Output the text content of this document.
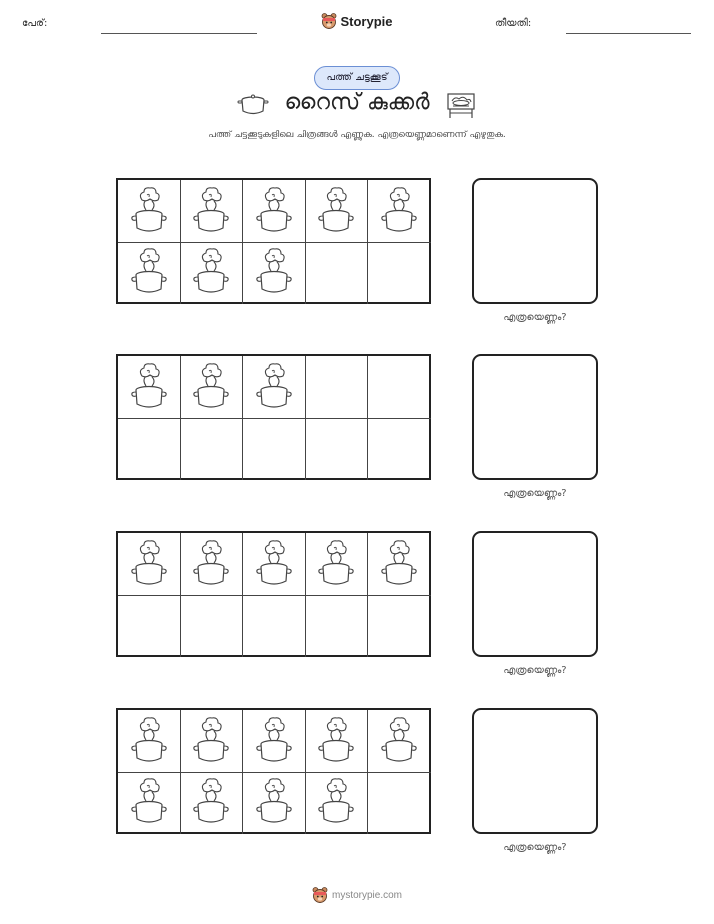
പേര്:	Storypie	തീയതി:
പത്ത് ചട്ടക്കൂട്
റൈസ് കുക്കർ
പത്ത് ചട്ടക്കൂടുകളിലെ ചിത്രങ്ങൾ എണ്ണുക. എത്രയെണ്ണമാണെന്ന് എഴുതുക.
എത്രയെണ്ണം?
എത്രയെണ്ണം?
എത്രയെണ്ണം?
എത്രയെണ്ണം?
mystorypie.com
